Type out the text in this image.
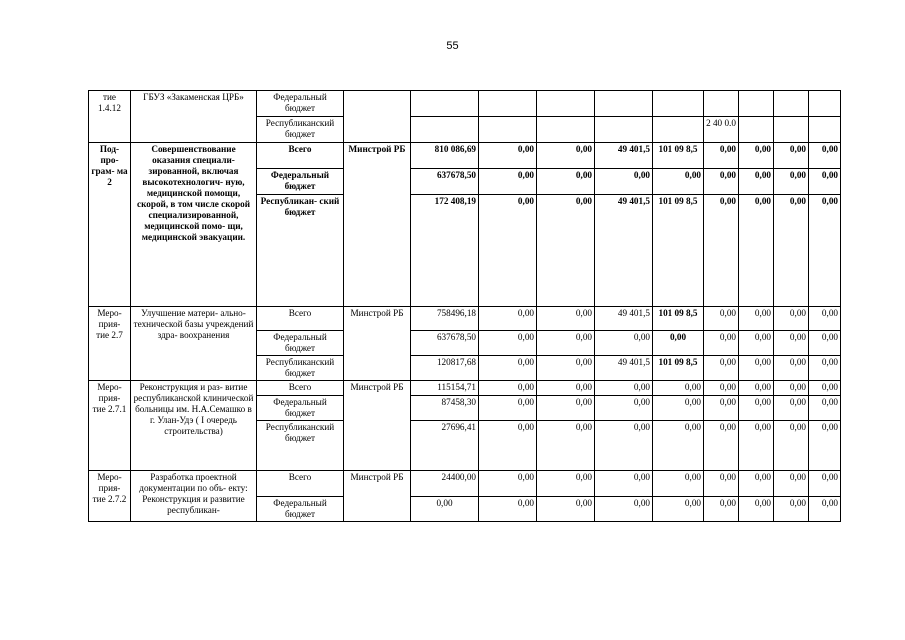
55
тие 1.4.12	ГБУЗ «Закаменская ЦРБ»	Федеральный бюджет										
		Республиканский бюджет							2 40 0.0			
Под- про- грам- ма 2	Совершенствование оказания специали- зированной, включая высокотехнологич- ную, медицинской помощи, скорой, в том числе скорой специализированной, медицинской помо- щи, медицинской эвакуации.	Всего	Минстрой РБ	810 086,69	0,00	0,00	49 401,5	101 09 8,5	0,00	0,00	0,00	0,00
		Федеральный бюджет		637678,50	0,00	0,00	0,00	0,00	0,00	0,00	0,00	0,00
		Республикан- ский бюджет		172 408,19	0,00	0,00	49 401,5	101 09 8,5	0,00	0,00	0,00	0,00
Меро- прия- тие 2.7	Улучшение матери- ально-технической базы учреждений здра- воохранения	Всего	Минстрой РБ	758496,18	0,00	0,00	49 401,5	101 09 8,5	0,00	0,00	0,00	0,00
		Федеральный бюджет		637678,50	0,00	0,00	0,00	0,00	0,00	0,00	0,00	0,00
		Республиканский бюджет		120817,68	0,00	0,00	49 401,5	101 09 8,5	0,00	0,00	0,00	0,00
Меро- прия- тие 2.7.1	Реконструкция и раз- витие республиканской клинической больницы им. Н.А.Семашко в г. Улан-Удэ ( I очередь строительства)	Всего	Минстрой РБ	115154,71	0,00	0,00	0,00	0,00	0,00	0,00	0,00	0,00
		Федеральный бюджет		87458,30	0,00	0,00	0,00	0,00	0,00	0,00	0,00	0,00
		Республиканский бюджет		27696,41	0,00	0,00	0,00	0,00	0,00	0,00	0,00	0,00
Меро- прия- тие 2.7.2	Разработка проектной документации по объ- екту: Реконструкция и развитие республикан-	Всего	Минстрой РБ	24400,00	0,00	0,00	0,00	0,00	0,00	0,00	0,00	0,00
		Федеральный бюджет		0,00	0,00	0,00	0,00	0,00	0,00	0,00	0,00	0,00
